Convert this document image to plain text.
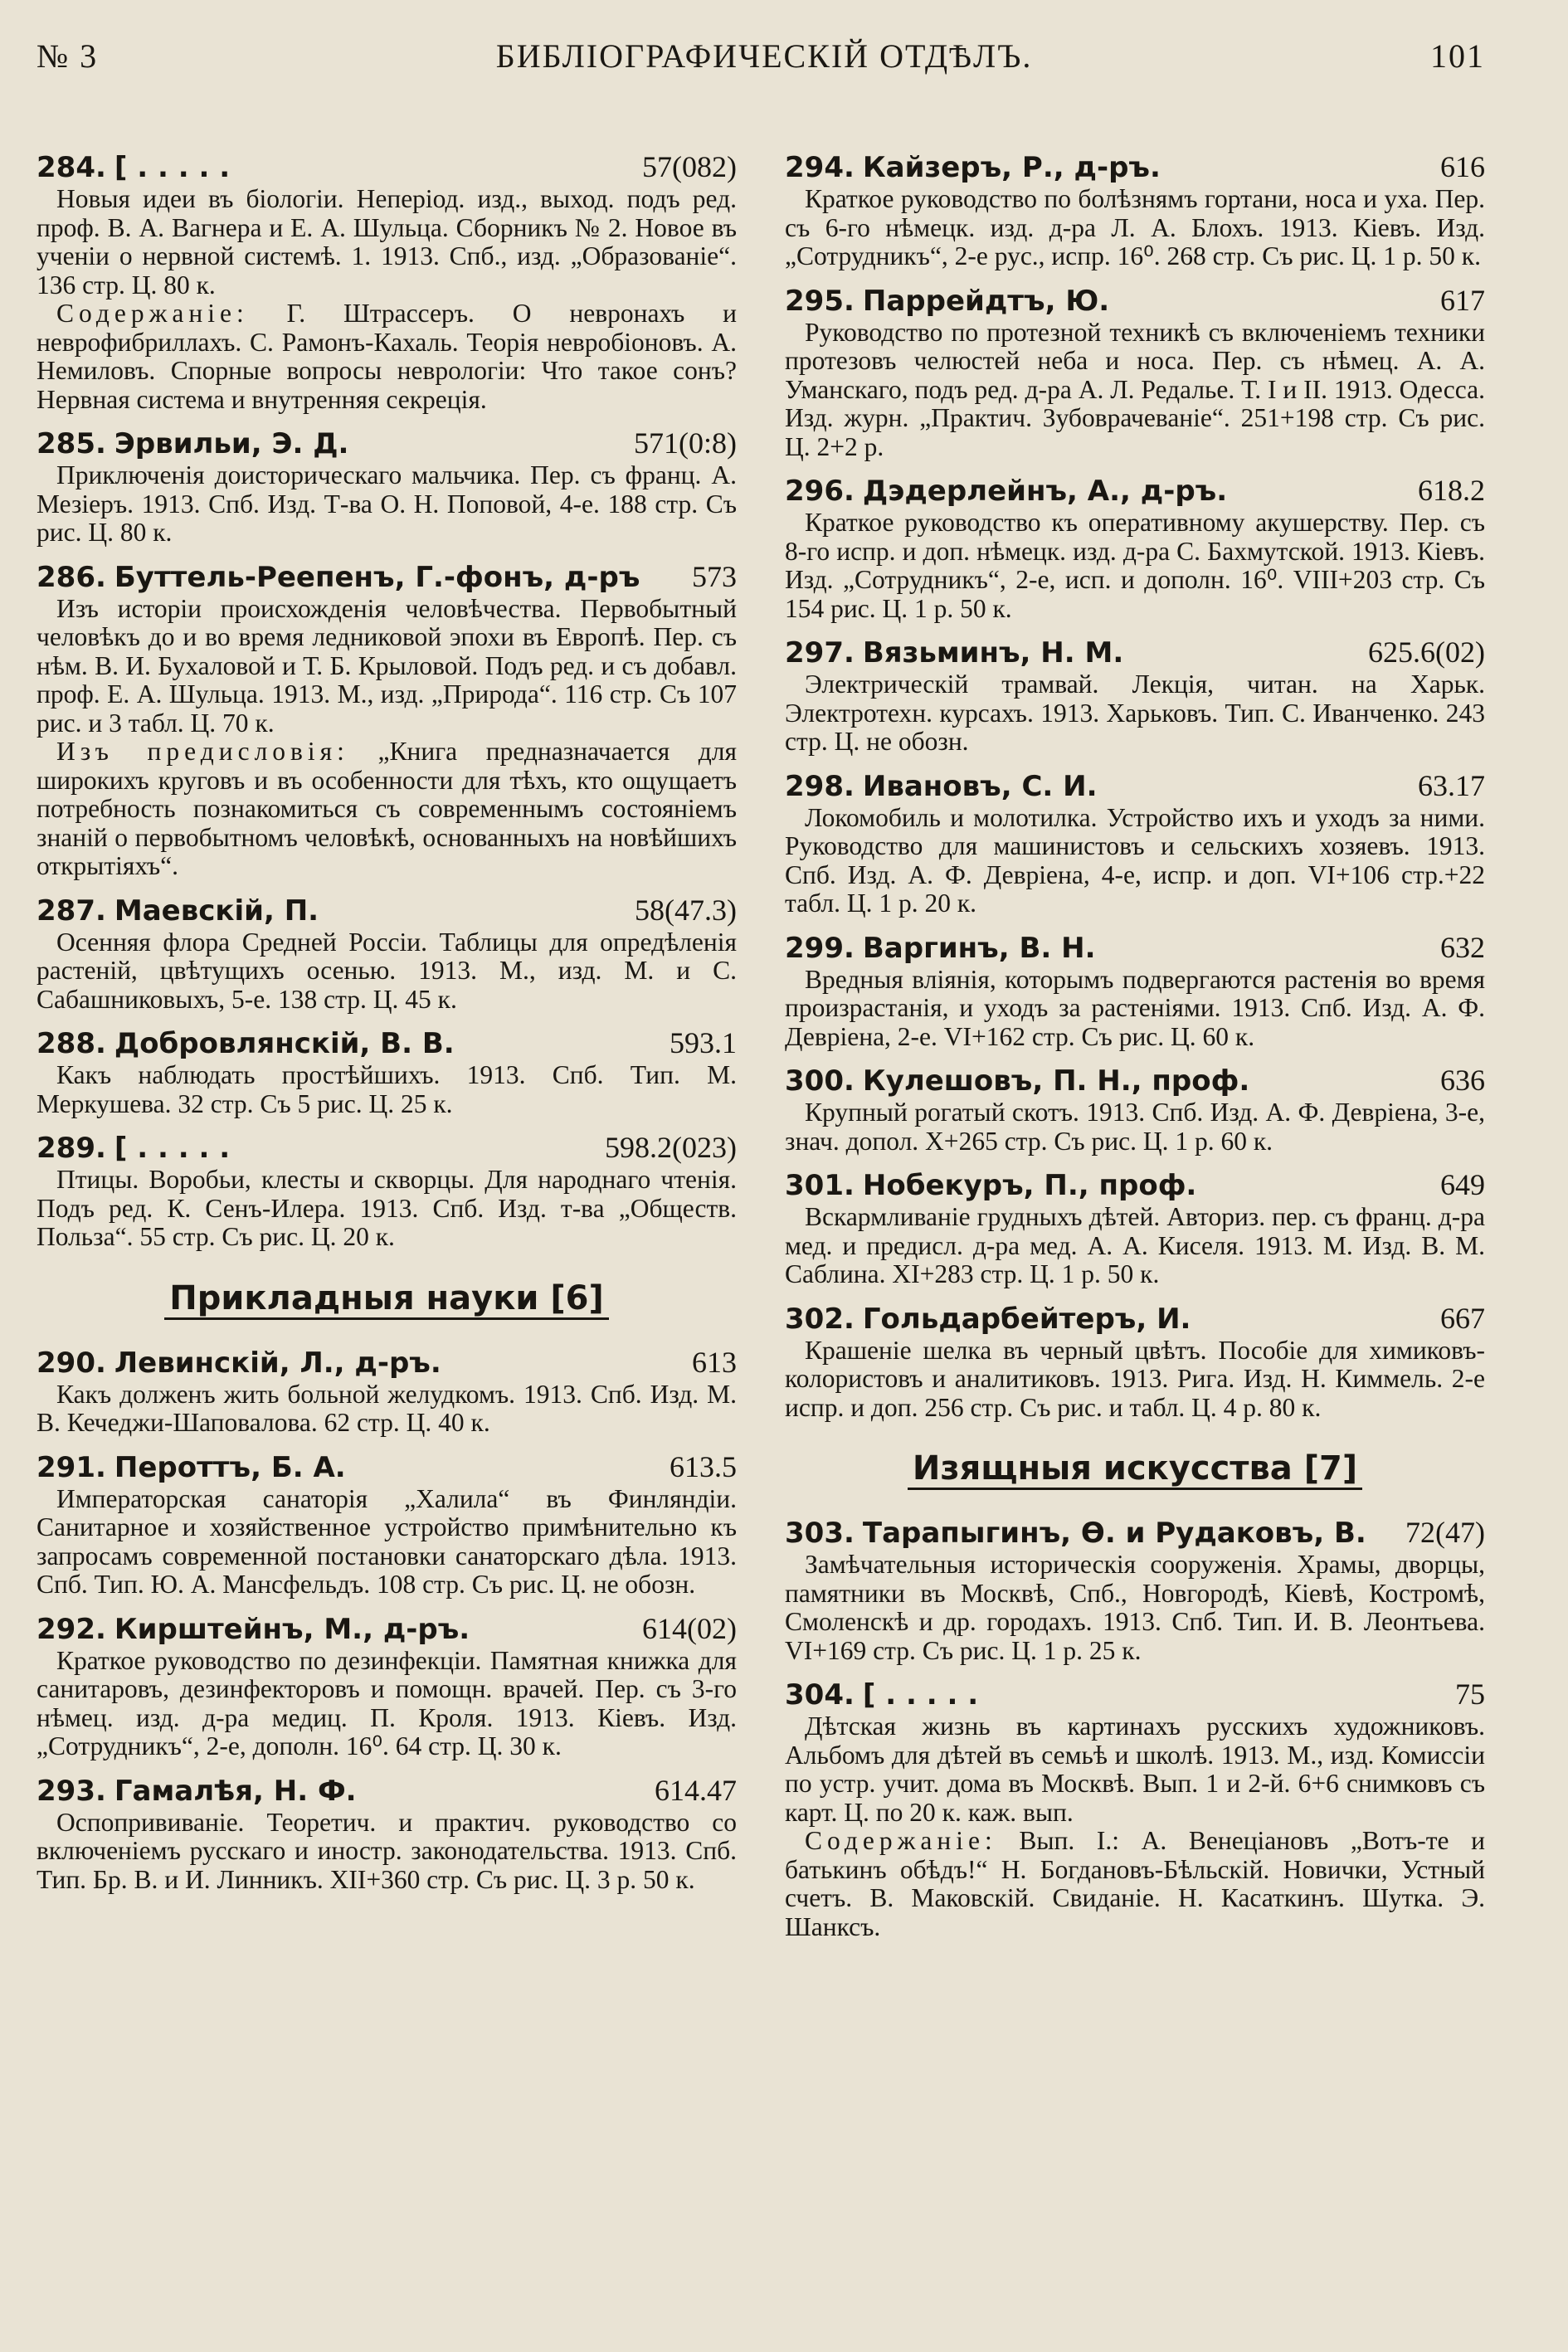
№ 3	БИБЛІОГРАФИЧЕСКІЙ ОТДѢЛЪ.	101
284. [ . . . . .	57(082)

Новыя идеи въ біологіи. Непеpiод. изд., выход. подъ ред. проф. В. А. Вагнера и Е. А. Шульца. Сборникъ № 2. Новое въ ученіи о нервной системѣ. 1. 1913. Спб., изд. „Образованіе“. 136 стр. Ц. 80 к.

Содержаніе: Г. Штрассеръ. О невронахъ и неврофибриллахъ. С. Рамонъ-Кахаль. Теорія невробіоновъ. А. Немиловъ. Спорные вопросы неврологіи: Что такое сонъ? Нервная система и внутренняя секреція.

285. Эрвильи, Э. Д.	571(0:8)

Приключенія доисторическаго мальчика. Пер. съ франц. А. Мезіеръ. 1913. Спб. Изд. Т-ва О. Н. Поповой, 4-е. 188 стр. Съ рис. Ц. 80 к.

286. Буттель-Реепенъ, Г.-фонъ, д-ръ 573

Изъ исторіи происхожденія человѣчества. Первобытный человѣкъ до и во время ледниковой эпохи въ Европѣ. Пер. съ нѣм. В. И. Бухаловой и Т. Б. Крыловой. Подъ ред. и съ добавл. проф. Е. А. Шульца. 1913. М., изд. „Природа“. 116 стр. Съ 107 рис. и 3 табл. Ц. 70 к.

Изъ предисловія: „Книга предназначается для широкихъ круговъ и въ особенности для тѣхъ, кто ощущаетъ потребность познакомиться съ современнымъ состояніемъ знаній о первобытномъ человѣкѣ, основанныхъ на новѣйшихъ открытіяхъ“.

287. Маевскій, П.	58(47.3)

Осенняя флора Средней Россіи. Таблицы для опредѣленія растеній, цвѣтущихъ осенью. 1913. М., изд. М. и С. Сабашниковыхъ, 5-е. 138 стр. Ц. 45 к.

288. Добровлянскій, В. В.	593.1

Какъ наблюдать простѣйшихъ. 1913. Спб. Тип. М. Меркушева. 32 стр. Съ 5 рис. Ц. 25 к.

289. [ . . . . .	598.2(023)

Птицы. Воробьи, клесты и скворцы. Для народнаго чтенія. Подъ ред. К. Сенъ-Илера. 1913. Спб. Изд. т-ва „Обществ. Польза“. 55 стр. Съ рис. Ц. 20 к.

Прикладныя науки [6]
290. Левинскій, Л., д-ръ.	613

Какъ долженъ жить больной желудкомъ. 1913. Спб. Изд. М. В. Кечеджи-Шаповалова. 62 стр. Ц. 40 к.

291. Пероттъ, Б. А.	613.5

Императорская санаторія „Халила“ въ Финляндіи. Санитарное и хозяйственное устройство примѣнительно къ запросамъ современной постановки санаторскаго дѣла. 1913. Спб. Тип. Ю. А. Мансфельдъ. 108 стр. Съ рис. Ц. не обозн.

292. Кирштейнъ, М., д-ръ.	614(02)

Краткое руководство по дезинфекціи. Памятная книжка для санитаровъ, дезинфекторовъ и помощн. врачей. Пер. съ 3-го нѣмец. изд. д-ра медиц. П. Кроля. 1913. Кіевъ. Изд. „Сотрудникъ“, 2-е, дополн. 16⁰. 64 стр. Ц. 30 к.

293. Гамалѣя, Н. Ф.	614.47

Оспопрививаніе. Теоретич. и практич. руководство со включеніемъ русскаго и иностр. законодательства. 1913. Спб. Тип. Бр. В. и И. Линникъ. XII+360 стр. Съ рис. Ц. 3 р. 50 к.

294. Кайзеръ, Р., д-ръ.	616

Краткое руководство по болѣзнямъ гортани, носа и уха. Пер. съ 6-го нѣмецк. изд. д-ра Л. А. Блохъ. 1913. Кіевъ. Изд. „Сотрудникъ“, 2-е рус., испр. 16⁰. 268 стр. Съ рис. Ц. 1 р. 50 к.

295. Паррейдтъ, Ю.	617

Руководство по протезной техникѣ съ включеніемъ техники протезовъ челюстей неба и носа. Пер. съ нѣмец. А. А. Уманскаго, подъ ред. д-ра А. Л. Редалье. Т. I и II. 1913. Одесса. Изд. журн. „Практич. Зубоврачеваніе“. 251+198 стр. Съ рис. Ц. 2+2 р.

296. Дэдерлейнъ, А., д-ръ.	618.2

Краткое руководство къ оперативному акушерству. Пер. съ 8-го испр. и доп. нѣмецк. изд. д-ра С. Бахмутской. 1913. Кіевъ. Изд. „Сотрудникъ“, 2-е, исп. и дополн. 16⁰. VIII+203 стр. Съ 154 рис. Ц. 1 р. 50 к.

297. Вязьминъ, Н. М.	625.6(02)

Электрическій трамвай. Лекція, читан. на Харьк. Электротехн. курсахъ. 1913. Харьковъ. Тип. С. Иванченко. 243 стр. Ц. не обозн.

298. Ивановъ, С. И.	63.17

Локомобиль и молотилка. Устройство ихъ и уходъ за ними. Руководство для машинистовъ и сельскихъ хозяевъ. 1913. Спб. Изд. А. Ф. Девріена, 4-е, испр. и доп. VI+106 стр.+22 табл. Ц. 1 р. 20 к.

299. Варгинъ, В. Н.	632

Вредныя вліянія, которымъ подвергаются растенія во время произрастанія, и уходъ за растеніями. 1913. Спб. Изд. А. Ф. Девріена, 2-е. VI+162 стр. Съ рис. Ц. 60 к.

300. Кулешовъ, П. Н., проф.	636

Крупный рогатый скотъ. 1913. Спб. Изд. А. Ф. Девріена, 3-е, знач. допол. X+265 стр. Съ рис. Ц. 1 р. 60 к.

301. Нобекуръ, П., проф.	649

Вскармливаніе грудныхъ дѣтей. Авториз. пер. съ франц. д-ра мед. и предисл. д-ра мед. А. А. Киселя. 1913. М. Изд. В. М. Саблина. XI+283 стр. Ц. 1 р. 50 к.

302. Гольдарбейтеръ, И.	667

Крашеніе шелка въ черный цвѣтъ. Пособіе для химиковъ-колористовъ и аналитиковъ. 1913. Рига. Изд. Н. Киммель. 2-е испр. и доп. 256 стр. Съ рис. и табл. Ц. 4 р. 80 к.

Изящныя искусства [7]
303. Тарапыгинъ, Ѳ. и Рудаковъ, В. 72(47)

Замѣчательныя историческія сооруженія. Храмы, дворцы, памятники въ Москвѣ, Спб., Новгородѣ, Кіевѣ, Костромѣ, Смоленскѣ и др. городахъ. 1913. Спб. Тип. И. В. Леонтьева. VI+169 стр. Съ рис. Ц. 1 р. 25 к.

304. [ . . . . .	75

Дѣтская жизнь въ картинахъ русскихъ художниковъ. Альбомъ для дѣтей въ семьѣ и школѣ. 1913. М., изд. Комиссіи по устр. учит. дома въ Москвѣ. Вып. 1 и 2-й. 6+6 снимковъ съ карт. Ц. по 20 к. каж. вып.

Содержаніе: Вып. I.: А. Венеціановъ „Вотъ-те и батькинъ обѣдъ!“ Н. Богдановъ-Бѣльскій. Новички, Устный счетъ. В. Маковскій. Свиданіе. Н. Касаткинъ. Шутка. Э. Шанксъ.
